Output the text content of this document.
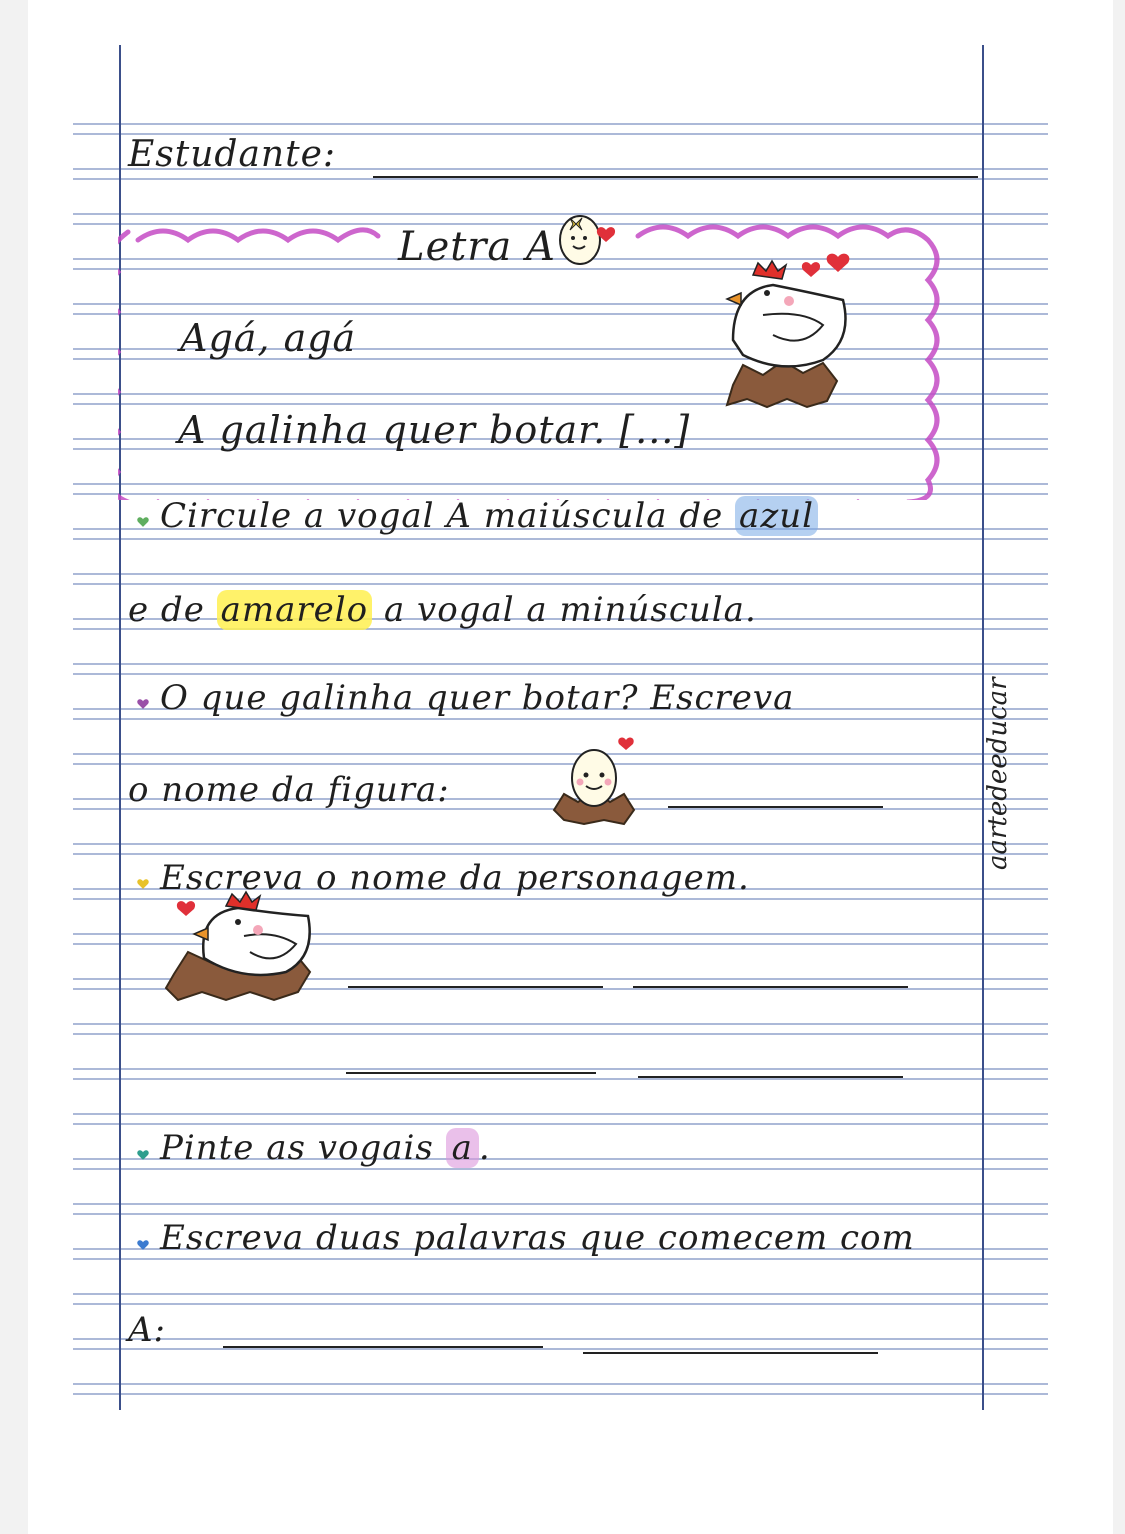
Estudante:
Letra A
Agá, agá
A galinha quer botar. [...]
Circule a vogal A maiúscula de azul
e de amarelo a vogal a minúscula.
O que galinha quer botar? Escreva
o nome da figura:	aartedeeducar
Escreva o nome da personagem.
Pinte as vogais a .
Escreva duas palavras que comecem com
A:
